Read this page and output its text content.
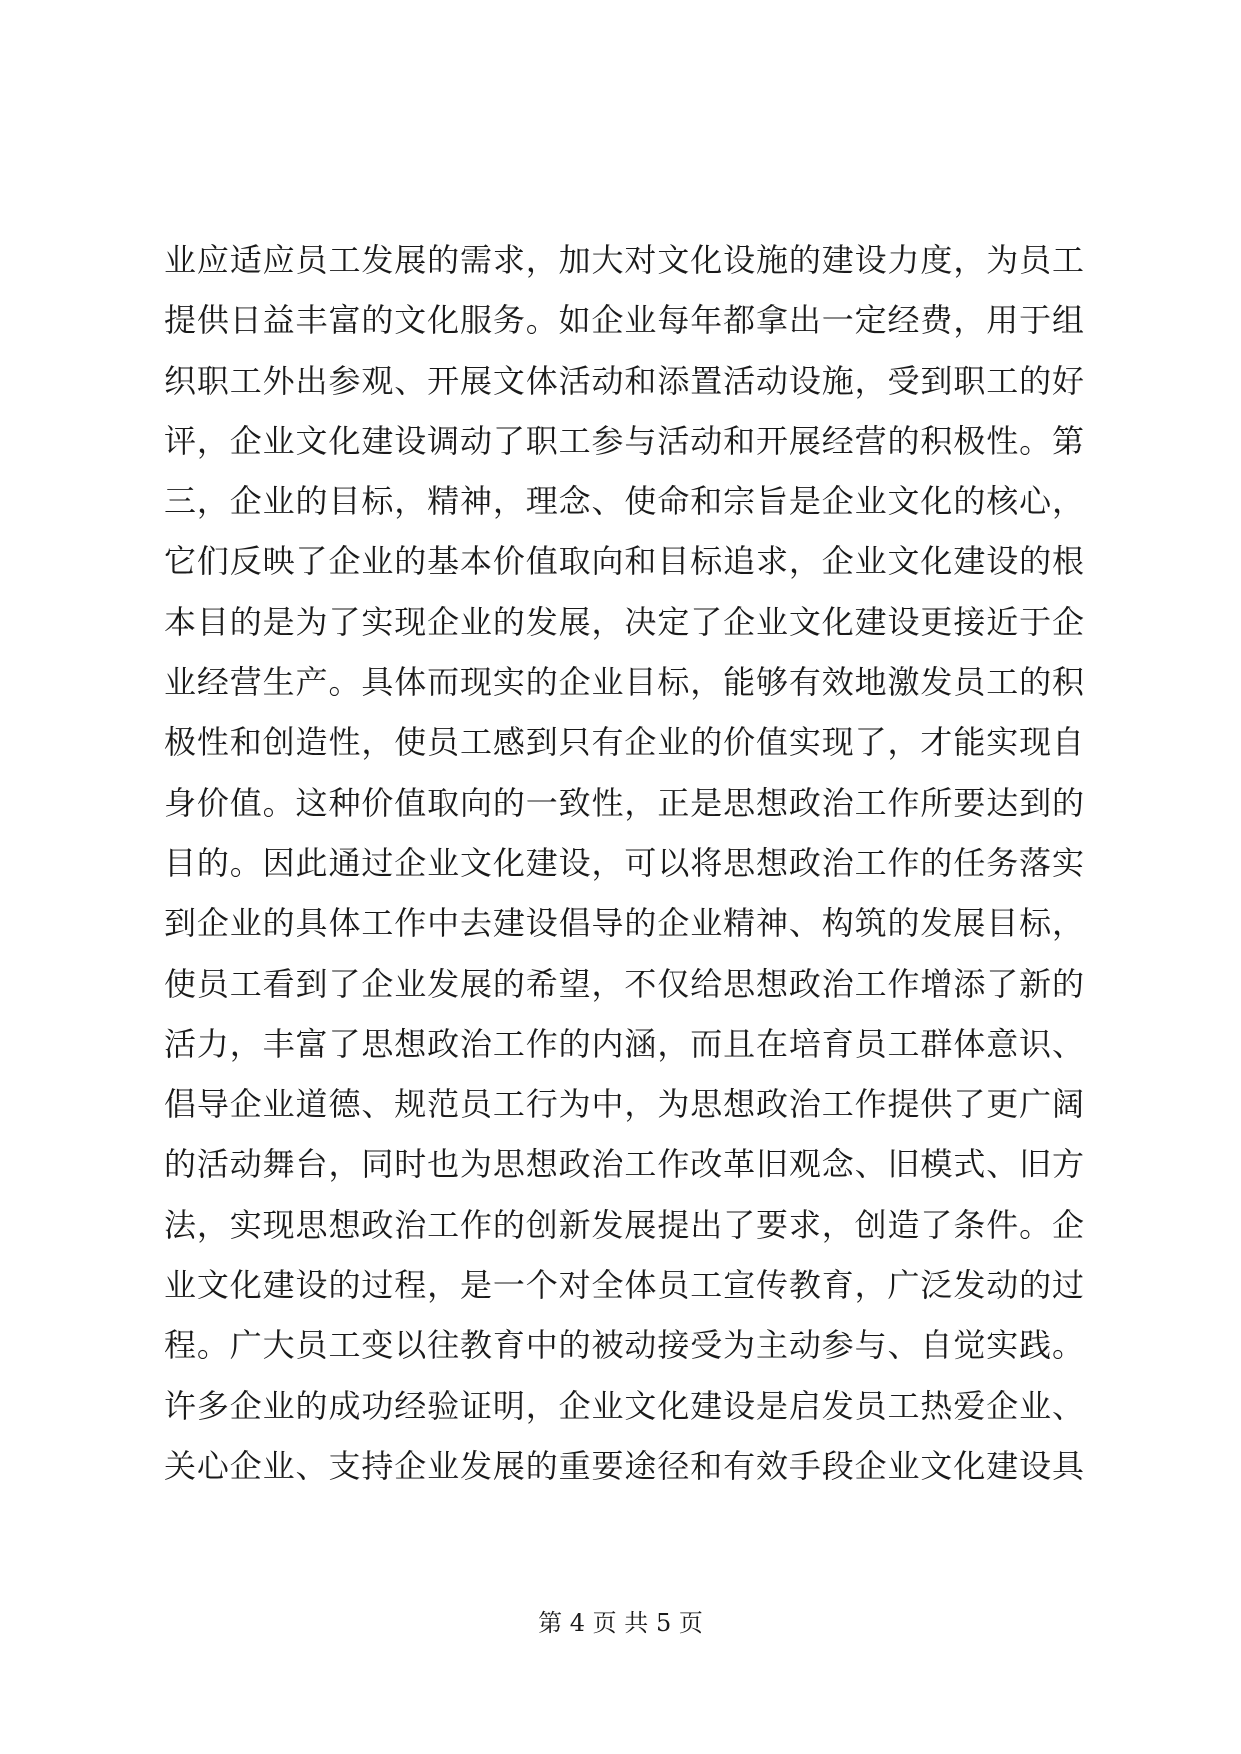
业应适应员工发展的需求，加大对文化设施的建设力度，为员工
提供日益丰富的文化服务。如企业每年都拿出一定经费，用于组
织职工外出参观、开展文体活动和添置活动设施，受到职工的好
评，企业文化建设调动了职工参与活动和开展经营的积极性。第
三，企业的目标，精神，理念、使命和宗旨是企业文化的核心，
它们反映了企业的基本价值取向和目标追求，企业文化建设的根
本目的是为了实现企业的发展，决定了企业文化建设更接近于企
业经营生产。具体而现实的企业目标，能够有效地激发员工的积
极性和创造性，使员工感到只有企业的价值实现了，才能实现自
身价值。这种价值取向的一致性，正是思想政治工作所要达到的
目的。因此通过企业文化建设，可以将思想政治工作的任务落实
到企业的具体工作中去建设倡导的企业精神、构筑的发展目标，
使员工看到了企业发展的希望，不仅给思想政治工作增添了新的
活力，丰富了思想政治工作的内涵，而且在培育员工群体意识、
倡导企业道德、规范员工行为中，为思想政治工作提供了更广阔
的活动舞台，同时也为思想政治工作改革旧观念、旧模式、旧方
法，实现思想政治工作的创新发展提出了要求，创造了条件。企
业文化建设的过程，是一个对全体员工宣传教育，广泛发动的过
程。广大员工变以往教育中的被动接受为主动参与、自觉实践。
许多企业的成功经验证明，企业文化建设是启发员工热爱企业、
关心企业、支持企业发展的重要途径和有效手段企业文化建设具
第 4 页 共 5 页
